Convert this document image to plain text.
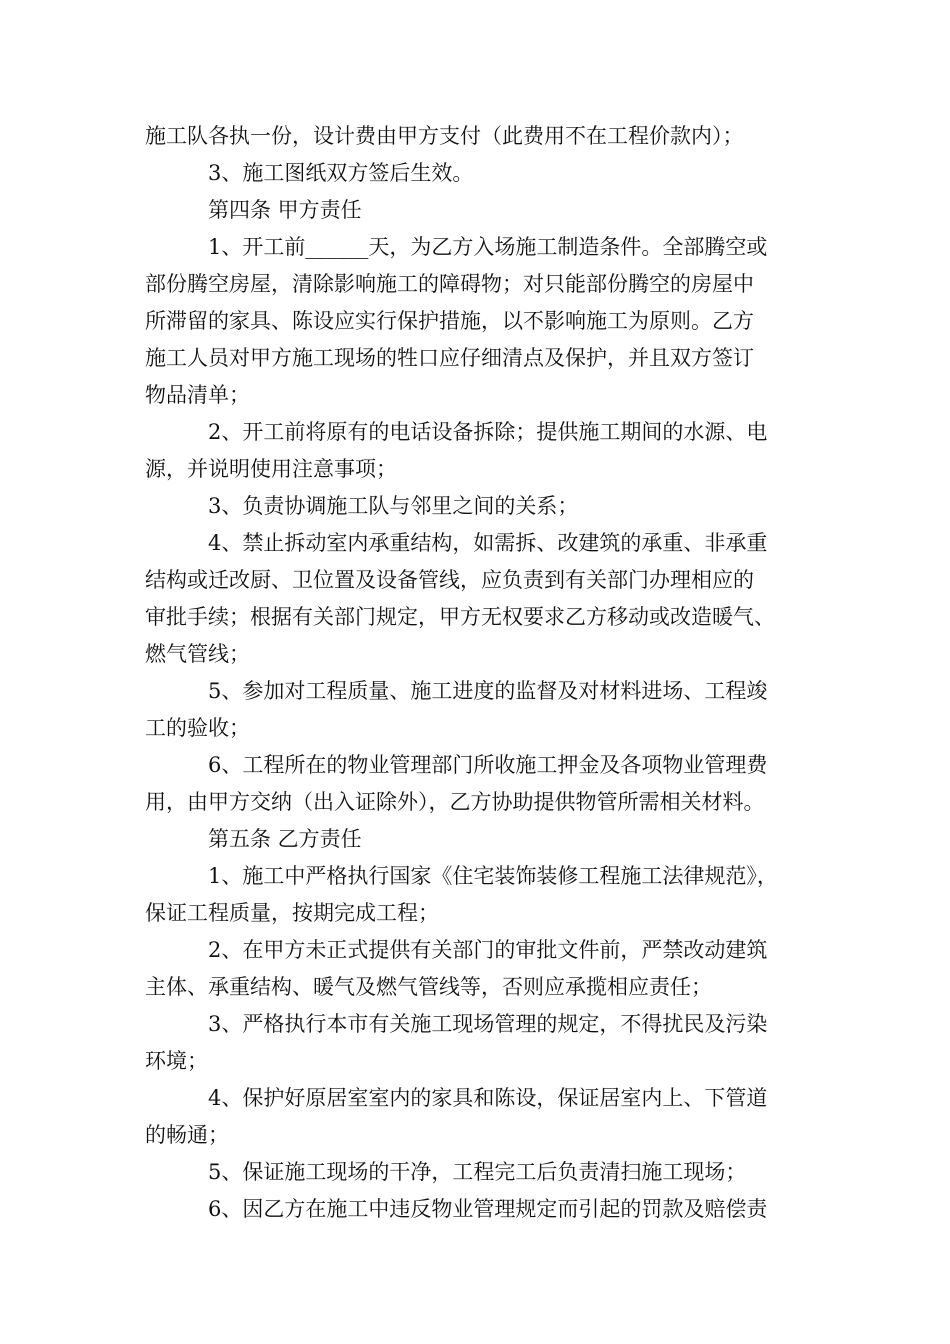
施工队各执一份，设计费由甲方支付（此费用不在工程价款内）；
3、施工图纸双方签后生效。
第四条 甲方责任
1、开工前______天，为乙方入场施工制造条件。全部腾空或
部份腾空房屋，清除影响施工的障碍物；对只能部份腾空的房屋中
所滞留的家具、陈设应实行保护措施，以不影响施工为原则。乙方
施工人员对甲方施工现场的牲口应仔细清点及保护，并且双方签订
物品清单；
2、开工前将原有的电话设备拆除；提供施工期间的水源、电
源，并说明使用注意事项；
3、负责协调施工队与邻里之间的关系；
4、禁止拆动室内承重结构，如需拆、改建筑的承重、非承重
结构或迁改厨、卫位置及设备管线，应负责到有关部门办理相应的
审批手续；根据有关部门规定，甲方无权要求乙方移动或改造暖气、
燃气管线；
5、参加对工程质量、施工进度的监督及对材料进场、工程竣
工的验收；
6、工程所在的物业管理部门所收施工押金及各项物业管理费
用，由甲方交纳（出入证除外），乙方协助提供物管所需相关材料。
第五条 乙方责任
1、施工中严格执行国家《住宅装饰装修工程施工法律规范》，
保证工程质量，按期完成工程；
2、在甲方未正式提供有关部门的审批文件前，严禁改动建筑
主体、承重结构、暖气及燃气管线等，否则应承揽相应责任；
3、严格执行本市有关施工现场管理的规定，不得扰民及污染
环境；
4、保护好原居室室内的家具和陈设，保证居室内上、下管道
的畅通；
5、保证施工现场的干净，工程完工后负责清扫施工现场；
6、因乙方在施工中违反物业管理规定而引起的罚款及赔偿责
